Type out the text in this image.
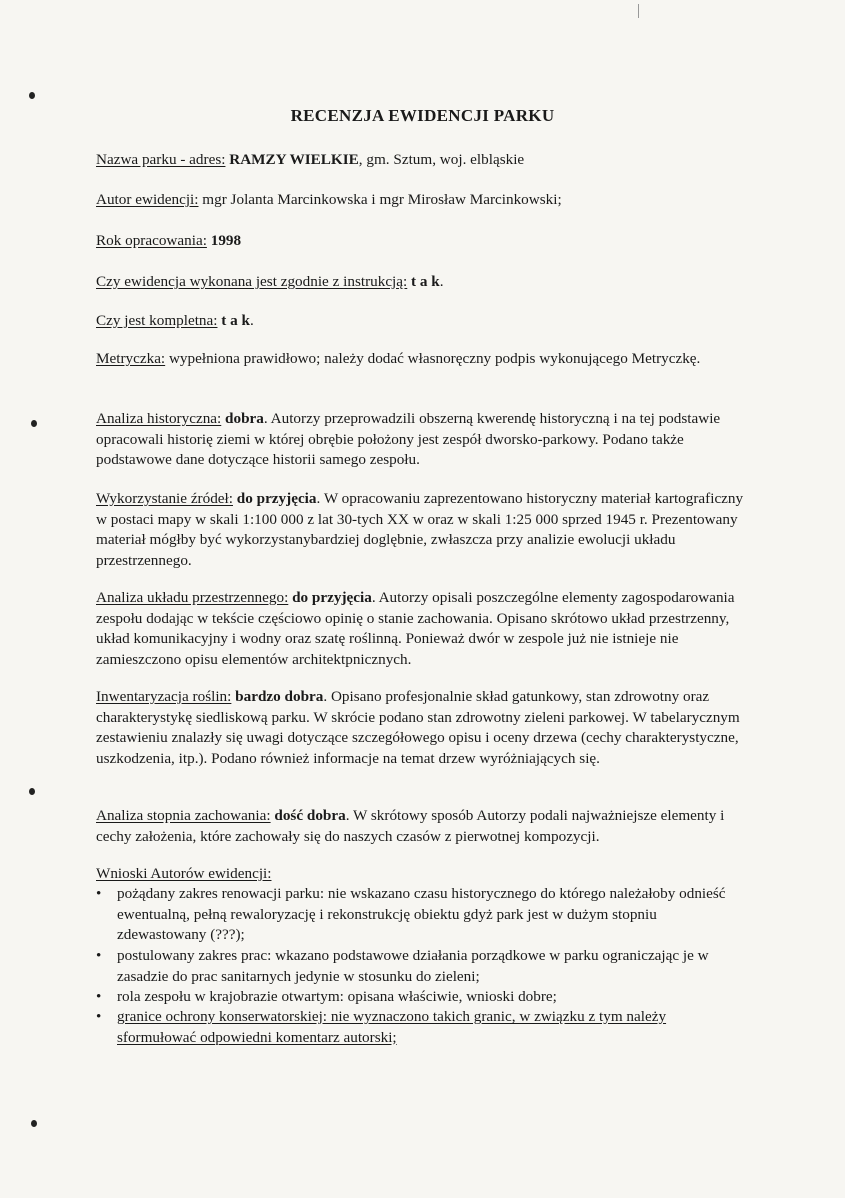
RECENZJA EWIDENCJI PARKU
Nazwa parku - adres: RAMZY WIELKIE, gm. Sztum, woj. elbląskie
Autor ewidencji: mgr Jolanta Marcinkowska i mgr Mirosław Marcinkowski;
Rok opracowania: 1998
Czy ewidencja wykonana jest zgodnie z instrukcją: t a k.
Czy jest kompletna: t a k.
Metryczka: wypełniona prawidłowo; należy dodać własnoręczny podpis wykonującego Metryczkę.
Analiza historyczna: dobra. Autorzy przeprowadzili obszerną kwerendę historyczną i na tej podstawie opracowali historię ziemi w której obrębie położony jest zespół dworsko-parkowy. Podano także podstawowe dane dotyczące historii samego zespołu.
Wykorzystanie źródeł: do przyjęcia. W opracowaniu zaprezentowano historyczny materiał kartograficzny w postaci mapy w skali 1:100 000 z lat 30-tych XX w oraz w skali 1:25 000 sprzed 1945 r. Prezentowany materiał mógłby być wykorzystanybardziej doglębnie, zwłaszcza przy analizie ewolucji układu przestrzennego.
Analiza układu przestrzennego: do przyjęcia. Autorzy opisali poszczególne elementy zagospodarowania zespołu dodając w tekście częściowo opinię o stanie zachowania. Opisano skrótowo układ przestrzenny, układ komunikacyjny i wodny oraz szatę roślinną. Ponieważ dwór w zespole już nie istnieje nie zamieszczono opisu elementów architektpnicznych.
Inwentaryzacja roślin: bardzo dobra. Opisano profesjonalnie skład gatunkowy, stan zdrowotny oraz charakterystykę siedliskową parku. W skrócie podano stan zdrowotny zieleni parkowej. W tabelarycznym zestawieniu znalazły się uwagi dotyczące szczegółowego opisu i oceny drzewa (cechy charakterystyczne, uszkodzenia, itp.). Podano również informacje na temat drzew wyróżniających się.
Analiza stopnia zachowania: dość dobra. W skrótowy sposób Autorzy podali najważniejsze elementy i cechy założenia, które zachowały się do naszych czasów z pierwotnej kompozycji.
Wnioski Autorów ewidencji:
•	pożądany zakres renowacji parku: nie wskazano czasu historycznego do którego należałoby odnieść ewentualną, pełną rewaloryzację i rekonstrukcję obiektu gdyż park jest w dużym stopniu zdewastowany (???);
•	postulowany zakres prac: wkazano podstawowe działania porządkowe w parku ograniczając je w zasadzie do prac sanitarnych jedynie w stosunku do zieleni;
•	rola zespołu w krajobrazie otwartym: opisana właściwie, wnioski dobre;
•	granice ochrony konserwatorskiej: nie wyznaczono takich granic, w związku z tym należy sformułować odpowiedni komentarz autorski;
